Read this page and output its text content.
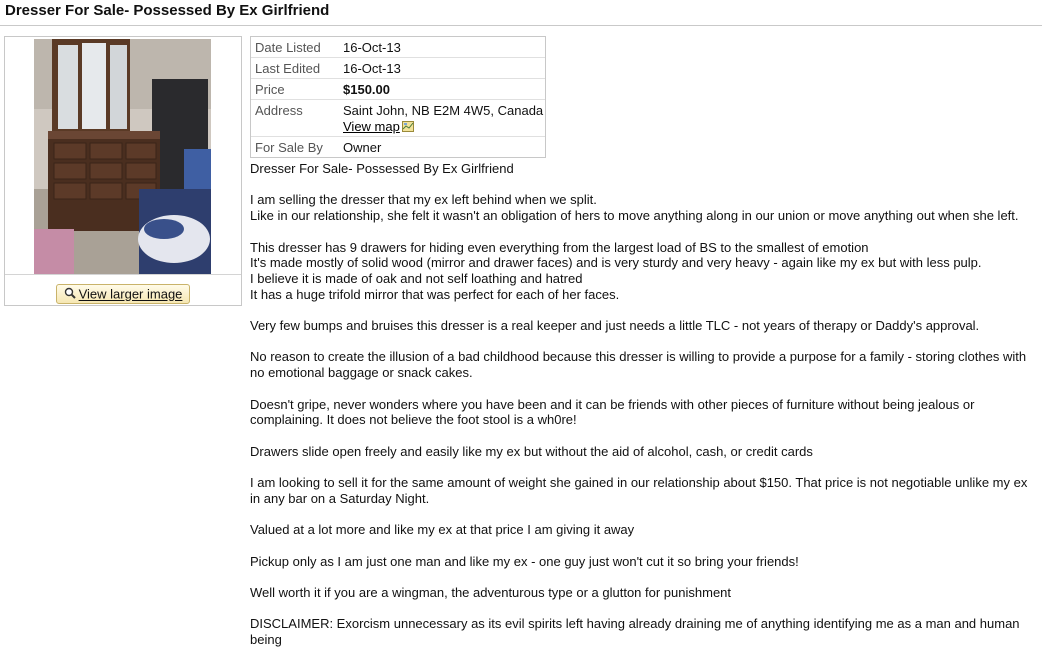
Dresser For Sale- Possessed By Ex Girlfriend
View larger image
Date Listed	16-Oct-13
Last Edited	16-Oct-13
Price	$150.00
Address	Saint John, NB E2M 4W5, Canada
View map
For Sale By	Owner

Dresser For Sale- Possessed By Ex Girlfriend

I am selling the dresser that my ex left behind when we split.

Like in our relationship, she felt it wasn't an obligation of hers to move anything along in our union or move anything out when she left.

This dresser has 9 drawers for hiding even everything from the largest load of BS to the smallest of emotion

It's made mostly of solid wood (mirror and drawer faces) and is very sturdy and very heavy - again like my ex but with less pulp.

I believe it is made of oak and not self loathing and hatred

It has a huge trifold mirror that was perfect for each of her faces.

Very few bumps and bruises this dresser is a real keeper and just needs a little TLC - not years of therapy or Daddy's approval.

No reason to create the illusion of a bad childhood because this dresser is willing to provide a purpose for a family - storing clothes with no emotional baggage or snack cakes.

Doesn't gripe, never wonders where you have been and it can be friends with other pieces of furniture without being jealous or complaining. It does not believe the foot stool is a wh0re!

Drawers slide open freely and easily like my ex but without the aid of alcohol, cash, or credit cards

I am looking to sell it for the same amount of weight she gained in our relationship about $150. That price is not negotiable unlike my ex in any bar on a Saturday Night.

Valued at a lot more and like my ex at that price I am giving it away

Pickup only as I am just one man and like my ex - one guy just won't cut it so bring your friends!

Well worth it if you are a wingman, the adventurous type or a glutton for punishment

DISCLAIMER: Exorcism unnecessary as its evil spirits left having already draining me of anything identifying me as a man and human being
